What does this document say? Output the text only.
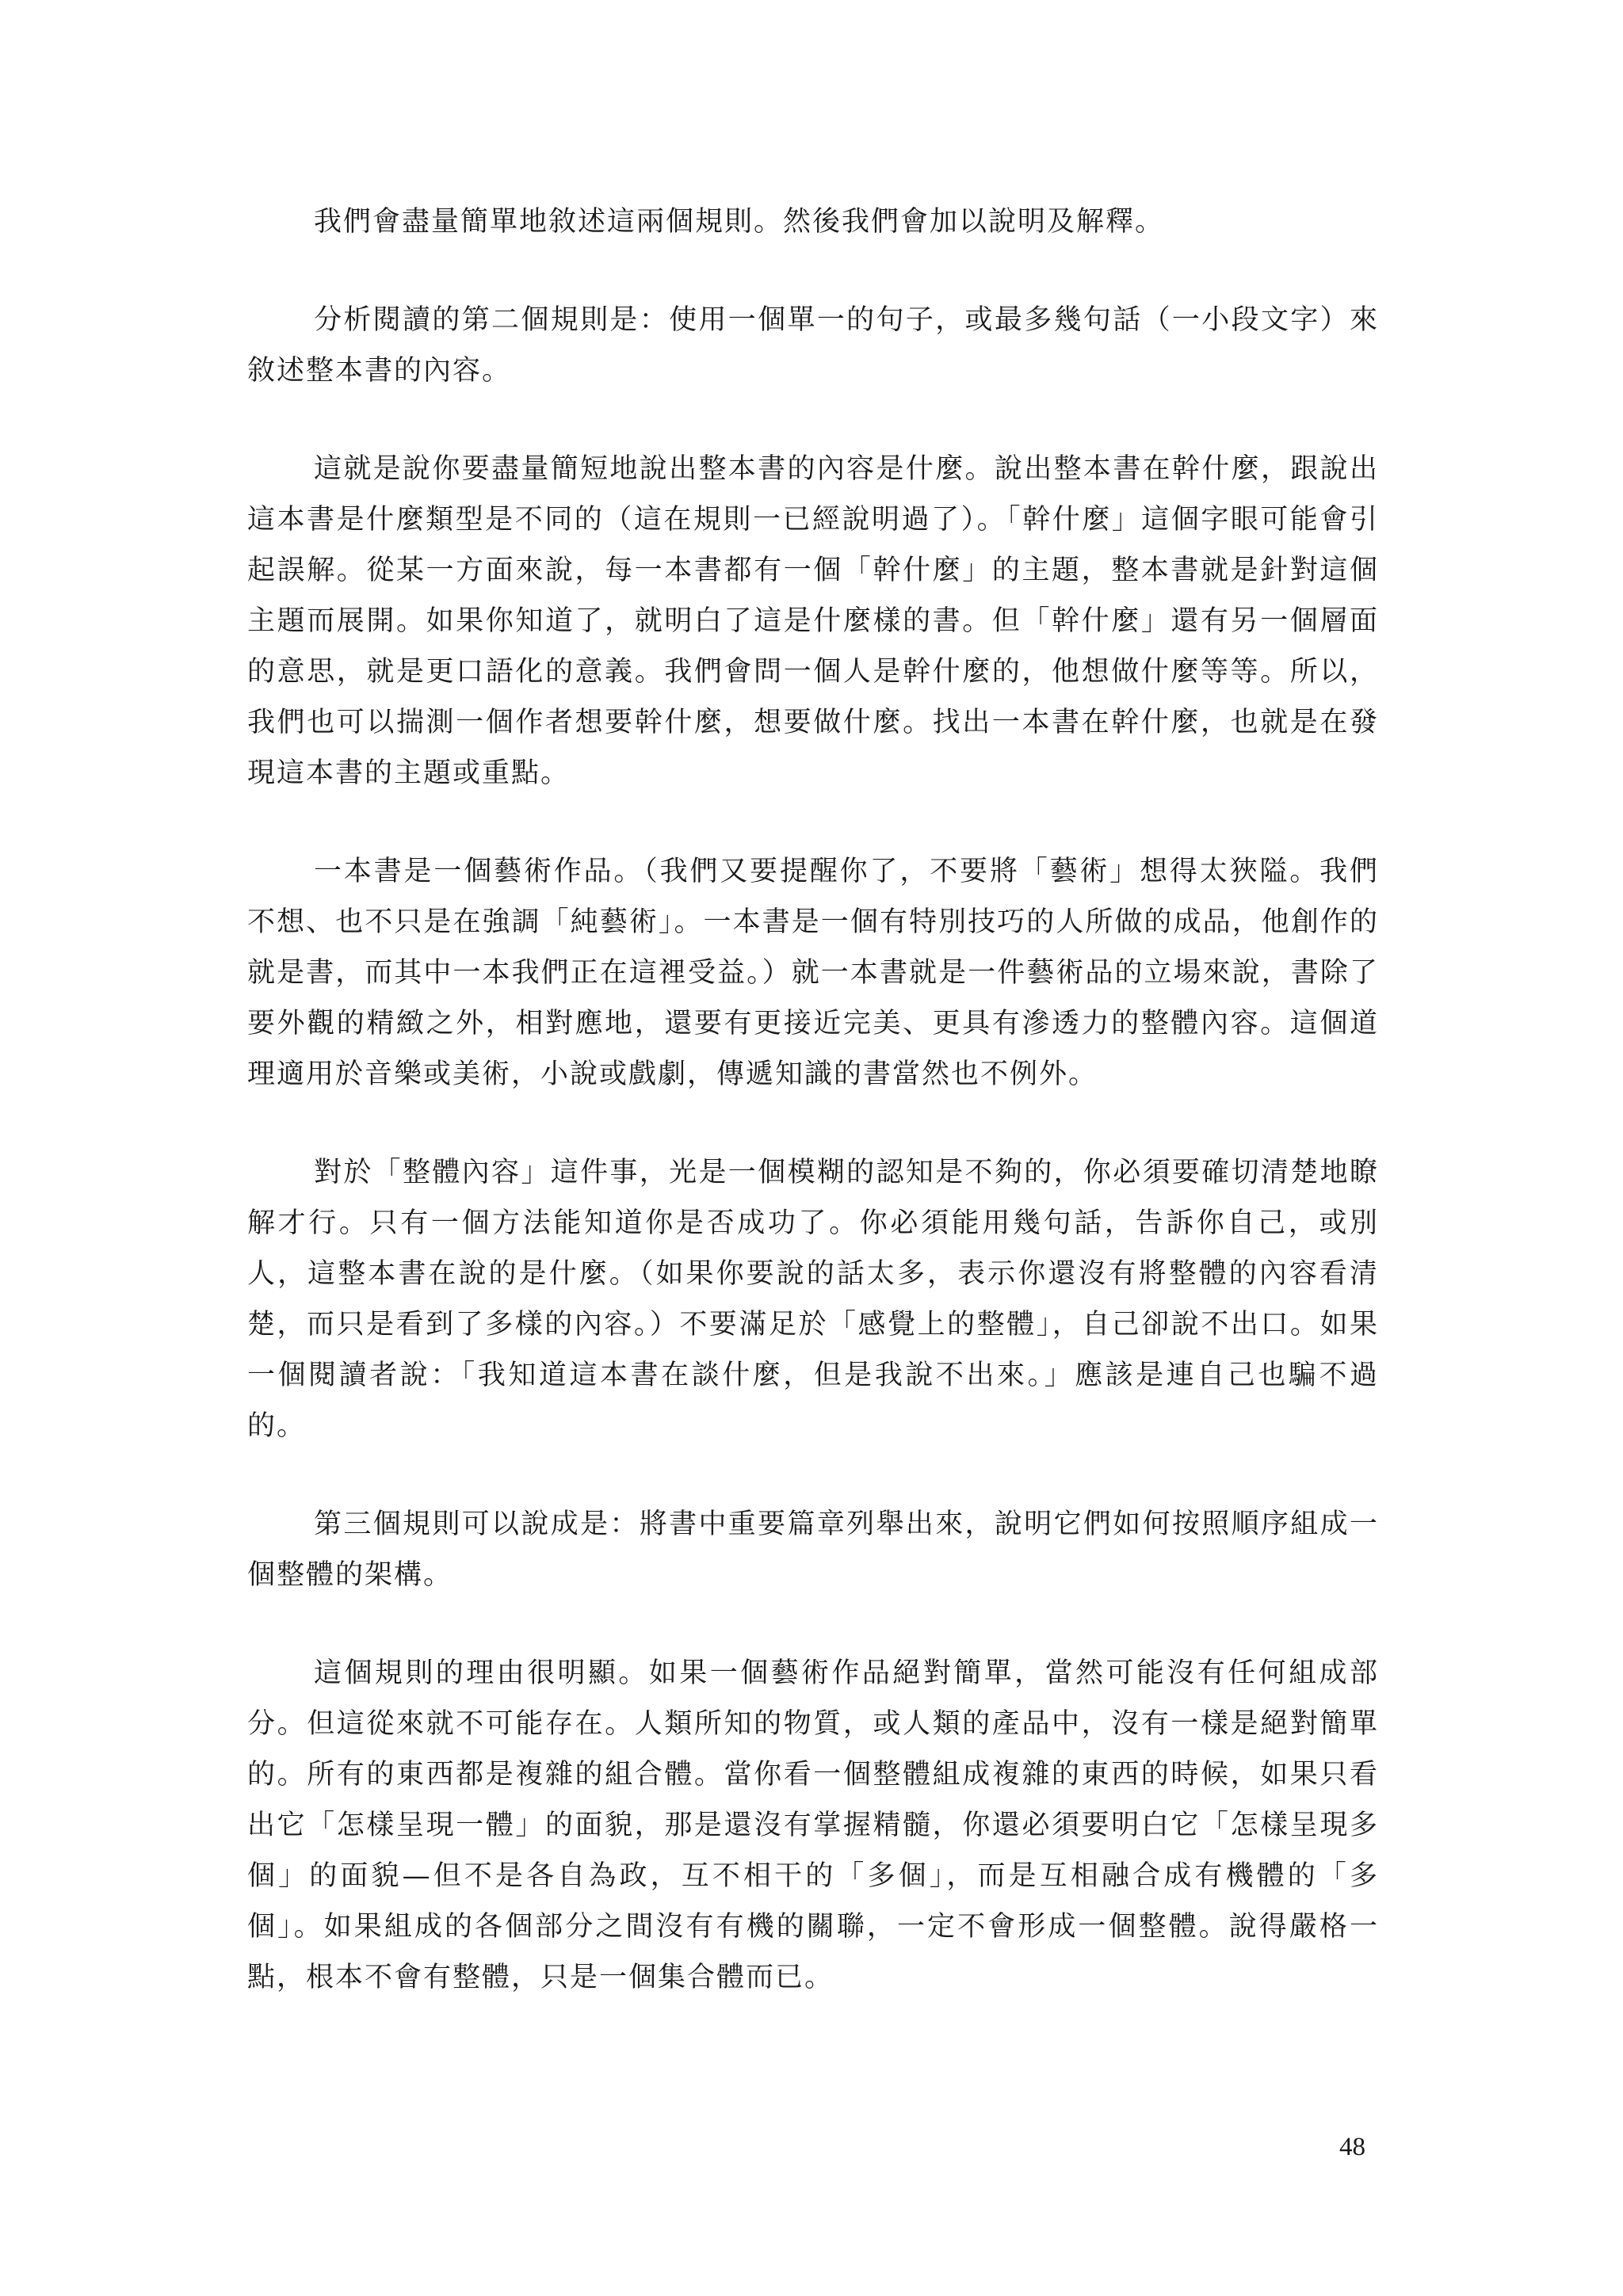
我們會盡量簡單地敘述這兩個規則。然後我們會加以說明及解釋。

分析閱讀的第二個規則是：使用一個單一的句子，或最多幾句話（一小段文字）來敘述整本書的內容。

這就是說你要盡量簡短地說出整本書的內容是什麼。說出整本書在幹什麼，跟說出這本書是什麼類型是不同的（這在規則一已經說明過了）。「幹什麼」這個字眼可能會引起誤解。從某一方面來說，每一本書都有一個「幹什麼」的主題，整本書就是針對這個主題而展開。如果你知道了，就明白了這是什麼樣的書。但「幹什麼」還有另一個層面的意思，就是更口語化的意義。我們會問一個人是幹什麼的，他想做什麼等等。所以，我們也可以揣測一個作者想要幹什麼，想要做什麼。找出一本書在幹什麼，也就是在發現這本書的主題或重點。

一本書是一個藝術作品。（我們又要提醒你了，不要將「藝術」想得太狹隘。我們不想、也不只是在強調「純藝術」。一本書是一個有特別技巧的人所做的成品，他創作的就是書，而其中一本我們正在這裡受益。）就一本書就是一件藝術品的立場來說，書除了要外觀的精緻之外，相對應地，還要有更接近完美、更具有滲透力的整體內容。這個道理適用於音樂或美術，小說或戲劇，傳遞知識的書當然也不例外。

對於「整體內容」這件事，光是一個模糊的認知是不夠的，你必須要確切清楚地瞭解才行。只有一個方法能知道你是否成功了。你必須能用幾句話，告訴你自己，或別人，這整本書在說的是什麼。（如果你要說的話太多，表示你還沒有將整體的內容看清楚，而只是看到了多樣的內容。）不要滿足於「感覺上的整體」，自己卻說不出口。如果一個閱讀者說：「我知道這本書在談什麼，但是我說不出來。」應該是連自己也騙不過的。

第三個規則可以說成是：將書中重要篇章列舉出來，說明它們如何按照順序組成一個整體的架構。

這個規則的理由很明顯。如果一個藝術作品絕對簡單，當然可能沒有任何組成部分。但這從來就不可能存在。人類所知的物質，或人類的產品中，沒有一樣是絕對簡單的。所有的東西都是複雜的組合體。當你看一個整體組成複雜的東西的時候，如果只看出它「怎樣呈現一體」的面貌，那是還沒有掌握精髓，你還必須要明白它「怎樣呈現多個」的面貌—但不是各自為政，互不相干的「多個」，而是互相融合成有機體的「多個」。如果組成的各個部分之間沒有有機的關聯，一定不會形成一個整體。說得嚴格一點，根本不會有整體，只是一個集合體而已。

48
